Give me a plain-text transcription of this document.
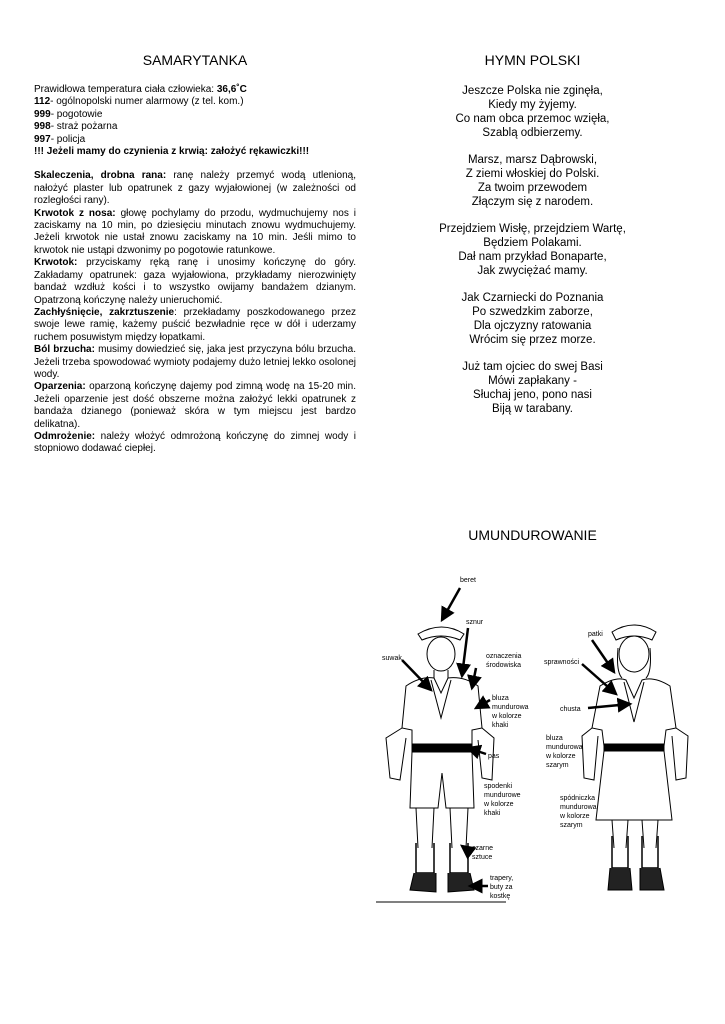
SAMARYTANKA	HYMN POLSKI
UMUNDUROWANIE

Prawidłowa temperatura ciała człowieka: 36,6˚C

112- ogólnopolski numer alarmowy (z tel. kom.)

999- pogotowie

998- straż pożarna

997- policja

!!! Jeżeli mamy do czynienia z krwią: założyć rękawiczki!!!

Skaleczenia, drobna rana: ranę należy przemyć wodą utlenioną, nałożyć plaster lub opatrunek z gazy wyjałowionej (w zależności od rozległości rany).

Krwotok z nosa: głowę pochylamy do przodu, wydmuchujemy nos i zaciskamy na 10 min, po dziesięciu minutach znowu wydmuchujemy. Jeżeli krwotok nie ustał znowu zaciskamy na 10 min. Jeśli mimo to krwotok nie ustąpi dzwonimy po pogotowie ratunkowe.

Krwotok: przyciskamy ręką ranę i unosimy kończynę do góry. Zakładamy opatrunek: gaza wyjałowiona, przykładamy nierozwinięty bandaż wzdłuż kości i to wszystko owijamy bandażem dzianym. Opatrzoną kończynę należy unieruchomić.

Zachłyśnięcie, zakrztuszenie: przekładamy poszkodowanego przez swoje lewe ramię, każemy puścić bezwładnie ręce w dół i uderzamy ruchem posuwistym między łopatkami.

Ból brzucha: musimy dowiedzieć się, jaka jest przyczyna bólu brzucha. Jeżeli trzeba spowodować wymioty podajemy dużo letniej lekko osolonej wody.

Oparzenia: oparzoną kończynę dajemy pod zimną wodę na 15-20 min. Jeżeli oparzenie jest dość obszerne można założyć lekki opatrunek z bandaża dzianego (ponieważ skóra w tym miejscu jest bardzo delikatna).

Odmrożenie: należy włożyć odmrożoną kończynę do zimnej wody i stopniowo dodawać ciepłej.

Jeszcze Polska nie zginęła,
Kiedy my żyjemy.
Co nam obca przemoc wzięła,
Szablą odbierzemy.
Marsz, marsz Dąbrowski,
Z ziemi włoskiej do Polski.
Za twoim przewodem
Złączym się z narodem.
Przejdziem Wisłę, przejdziem Wartę,
Będziem Polakami.
Dał nam przykład Bonaparte,
Jak zwyciężać mamy.
Jak Czarniecki do Poznania
Po szwedzkim zaborze,
Dla ojczyzny ratowania
Wrócim się przez morze.
Już tam ojciec do swej Basi
Mówi zapłakany -
Słuchaj jeno, pono nasi
Biją w tarabany.
beret
sznur
suwak	oznaczenia
środowiska
bluza
mundurowa
w kolorze
khaki
pas
spodenki
mundurowe
w kolorze
khaki
czarne
sztuce
trapery,
buty za
kostkę
patki
sprawności
chusta
bluza
mundurowa
w kolorze
szarym
spódniczka
mundurowa
w kolorze
szarym
